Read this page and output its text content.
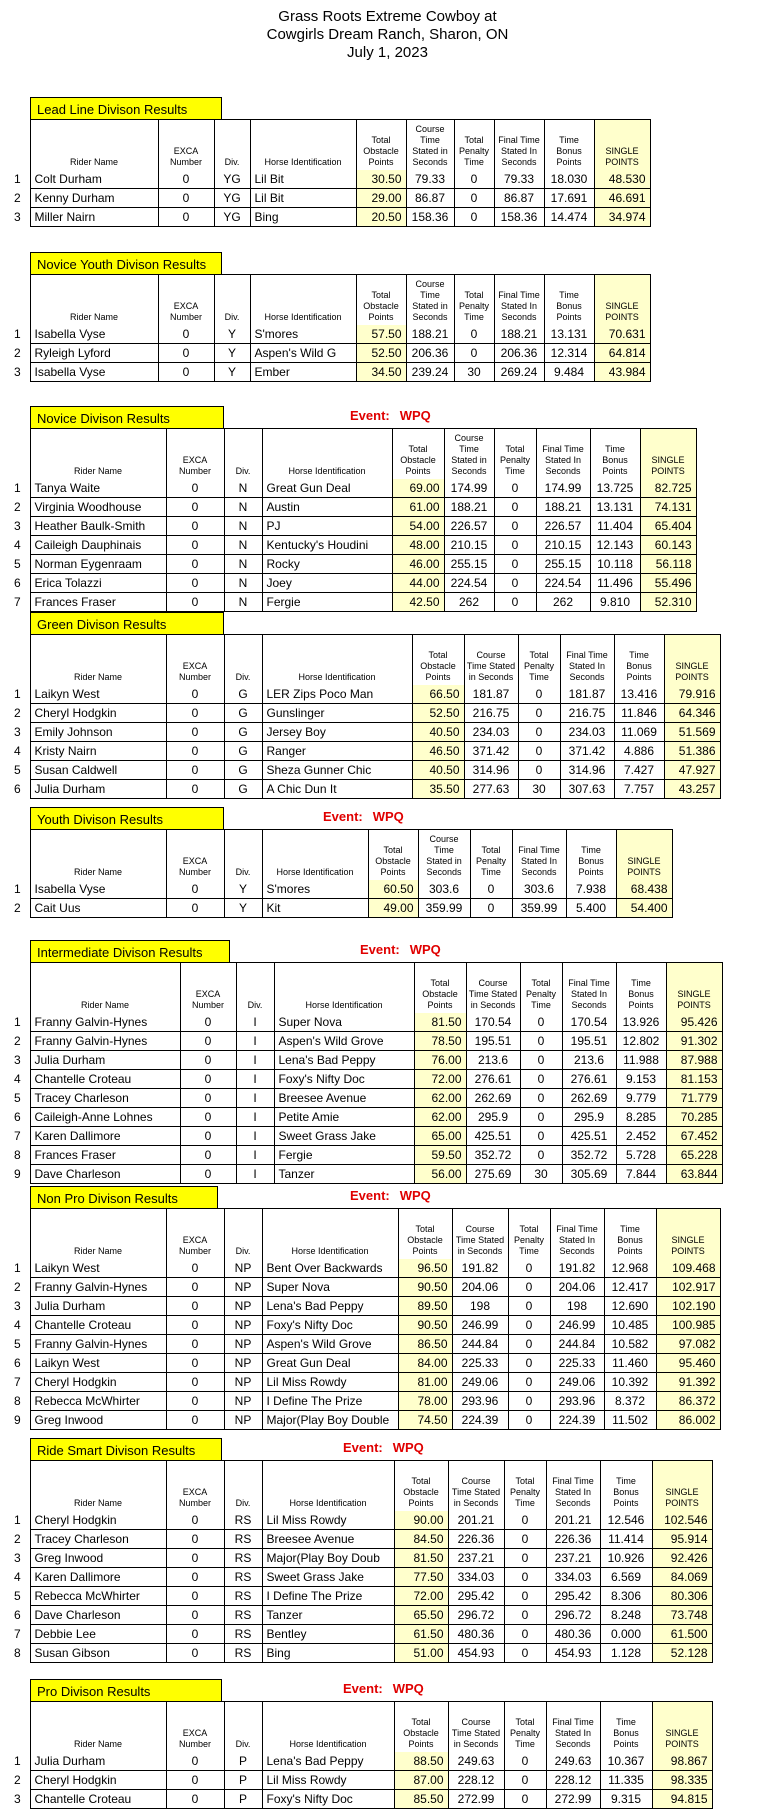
Grass Roots Extreme Cowboy at
Cowgirls Dream Ranch, Sharon, ON
July 1, 2023
Lead Line Divison Results
	Rider Name	EXCA Number	Div.	Horse Identification	Total Obstacle Points	Course Time Stated in Seconds	Total Penalty Time	Final Time Stated In Seconds	Time Bonus Points	SINGLE POINTS
1	Colt Durham	0	YG	Lil Bit	30.50	79.33	0	79.33	18.030	48.530
2	Kenny Durham	0	YG	Lil Bit	29.00	86.87	0	86.87	17.691	46.691
3	Miller Nairn	0	YG	Bing	20.50	158.36	0	158.36	14.474	34.974
Novice Youth Divison Results
	Rider Name	EXCA Number	Div.	Horse Identification	Total Obstacle Points	Course Time Stated in Seconds	Total Penalty Time	Final Time Stated In Seconds	Time Bonus Points	SINGLE POINTS
1	Isabella Vyse	0	Y	S'mores	57.50	188.21	0	188.21	13.131	70.631
2	Ryleigh Lyford	0	Y	Aspen's Wild G	52.50	206.36	0	206.36	12.314	64.814
3	Isabella Vyse	0	Y	Ember	34.50	239.24	30	269.24	9.484	43.984
Novice Divison Results	Event: WPQ
	Rider Name	EXCA Number	Div.	Horse Identification	Total Obstacle Points	Course Time Stated in Seconds	Total Penalty Time	Final Time Stated In Seconds	Time Bonus Points	SINGLE POINTS
1	Tanya Waite	0	N	Great Gun Deal	69.00	174.99	0	174.99	13.725	82.725
2	Virginia Woodhouse	0	N	Austin	61.00	188.21	0	188.21	13.131	74.131
3	Heather Baulk-Smith	0	N	PJ	54.00	226.57	0	226.57	11.404	65.404
4	Caileigh Dauphinais	0	N	Kentucky's Houdini	48.00	210.15	0	210.15	12.143	60.143
5	Norman Eygenraam	0	N	Rocky	46.00	255.15	0	255.15	10.118	56.118
6	Erica Tolazzi	0	N	Joey	44.00	224.54	0	224.54	11.496	55.496
7	Frances Fraser	0	N	Fergie	42.50	262	0	262	9.810	52.310
Green Divison Results
	Rider Name	EXCA Number	Div.	Horse Identification	Total Obstacle Points	Course Time Stated in Seconds	Total Penalty Time	Final Time Stated In Seconds	Time Bonus Points	SINGLE POINTS
1	Laikyn West	0	G	LER Zips Poco Man	66.50	181.87	0	181.87	13.416	79.916
2	Cheryl Hodgkin	0	G	Gunslinger	52.50	216.75	0	216.75	11.846	64.346
3	Emily Johnson	0	G	Jersey Boy	40.50	234.03	0	234.03	11.069	51.569
4	Kristy Nairn	0	G	Ranger	46.50	371.42	0	371.42	4.886	51.386
5	Susan Caldwell	0	G	Sheza Gunner Chic	40.50	314.96	0	314.96	7.427	47.927
6	Julia Durham	0	G	A Chic Dun It	35.50	277.63	30	307.63	7.757	43.257
Youth Divison Results	Event: WPQ
	Rider Name	EXCA Number	Div.	Horse Identification	Total Obstacle Points	Course Time Stated in Seconds	Total Penalty Time	Final Time Stated In Seconds	Time Bonus Points	SINGLE POINTS
1	Isabella Vyse	0	Y	S'mores	60.50	303.6	0	303.6	7.938	68.438
2	Cait Uus	0	Y	Kit	49.00	359.99	0	359.99	5.400	54.400
Intermediate Divison Results	Event: WPQ
	Rider Name	EXCA Number	Div.	Horse Identification	Total Obstacle Points	Course Time Stated in Seconds	Total Penalty Time	Final Time Stated In Seconds	Time Bonus Points	SINGLE POINTS
1	Franny Galvin-Hynes	0	I	Super Nova	81.50	170.54	0	170.54	13.926	95.426
2	Franny Galvin-Hynes	0	I	Aspen's Wild Grove	78.50	195.51	0	195.51	12.802	91.302
3	Julia Durham	0	I	Lena's Bad Peppy	76.00	213.6	0	213.6	11.988	87.988
4	Chantelle Croteau	0	I	Foxy's Nifty Doc	72.00	276.61	0	276.61	9.153	81.153
5	Tracey Charleson	0	I	Breesee Avenue	62.00	262.69	0	262.69	9.779	71.779
6	Caileigh-Anne Lohnes	0	I	Petite Amie	62.00	295.9	0	295.9	8.285	70.285
7	Karen Dallimore	0	I	Sweet Grass Jake	65.00	425.51	0	425.51	2.452	67.452
8	Frances Fraser	0	I	Fergie	59.50	352.72	0	352.72	5.728	65.228
9	Dave Charleson	0	I	Tanzer	56.00	275.69	30	305.69	7.844	63.844
Non Pro Divison Results	Event: WPQ
	Rider Name	EXCA Number	Div.	Horse Identification	Total Obstacle Points	Course Time Stated in Seconds	Total Penalty Time	Final Time Stated In Seconds	Time Bonus Points	SINGLE POINTS
1	Laikyn West	0	NP	Bent Over Backwards	96.50	191.82	0	191.82	12.968	109.468
2	Franny Galvin-Hynes	0	NP	Super Nova	90.50	204.06	0	204.06	12.417	102.917
3	Julia Durham	0	NP	Lena's Bad Peppy	89.50	198	0	198	12.690	102.190
4	Chantelle Croteau	0	NP	Foxy's Nifty Doc	90.50	246.99	0	246.99	10.485	100.985
5	Franny Galvin-Hynes	0	NP	Aspen's Wild Grove	86.50	244.84	0	244.84	10.582	97.082
6	Laikyn West	0	NP	Great Gun Deal	84.00	225.33	0	225.33	11.460	95.460
7	Cheryl Hodgkin	0	NP	Lil Miss Rowdy	81.00	249.06	0	249.06	10.392	91.392
8	Rebecca McWhirter	0	NP	I Define The Prize	78.00	293.96	0	293.96	8.372	86.372
9	Greg Inwood	0	NP	Major(Play Boy Double	74.50	224.39	0	224.39	11.502	86.002
Ride Smart Divison Results	Event: WPQ
	Rider Name	EXCA Number	Div.	Horse Identification	Total Obstacle Points	Course Time Stated in Seconds	Total Penalty Time	Final Time Stated In Seconds	Time Bonus Points	SINGLE POINTS
1	Cheryl Hodgkin	0	RS	Lil Miss Rowdy	90.00	201.21	0	201.21	12.546	102.546
2	Tracey Charleson	0	RS	Breesee Avenue	84.50	226.36	0	226.36	11.414	95.914
3	Greg Inwood	0	RS	Major(Play Boy Doub	81.50	237.21	0	237.21	10.926	92.426
4	Karen Dallimore	0	RS	Sweet Grass Jake	77.50	334.03	0	334.03	6.569	84.069
5	Rebecca McWhirter	0	RS	I Define The Prize	72.00	295.42	0	295.42	8.306	80.306
6	Dave Charleson	0	RS	Tanzer	65.50	296.72	0	296.72	8.248	73.748
7	Debbie Lee	0	RS	Bentley	61.50	480.36	0	480.36	0.000	61.500
8	Susan Gibson	0	RS	Bing	51.00	454.93	0	454.93	1.128	52.128
Pro Divison Results	Event: WPQ
	Rider Name	EXCA Number	Div.	Horse Identification	Total Obstacle Points	Course Time Stated in Seconds	Total Penalty Time	Final Time Stated In Seconds	Time Bonus Points	SINGLE POINTS
1	Julia Durham	0	P	Lena's Bad Peppy	88.50	249.63	0	249.63	10.367	98.867
2	Cheryl Hodgkin	0	P	Lil Miss Rowdy	87.00	228.12	0	228.12	11.335	98.335
3	Chantelle Croteau	0	P	Foxy's Nifty Doc	85.50	272.99	0	272.99	9.315	94.815
